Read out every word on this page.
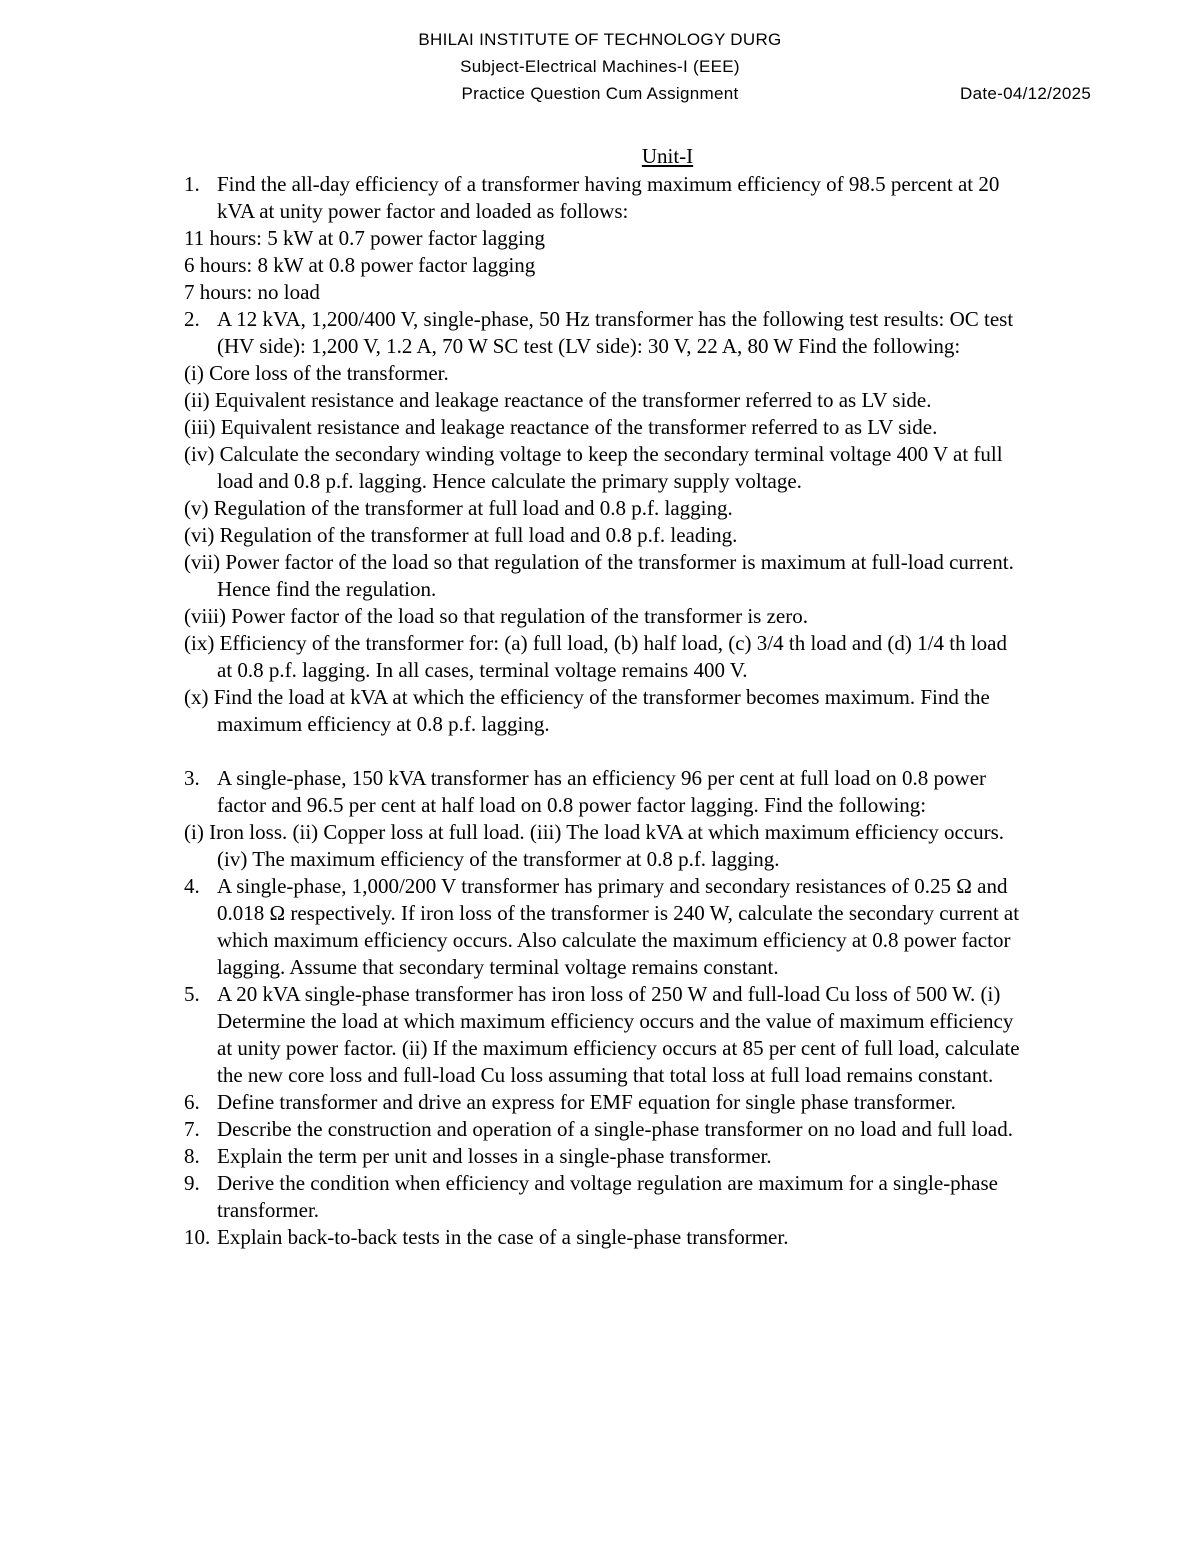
BHILAI INSTITUTE OF TECHNOLOGY DURG
Subject-Electrical Machines-I (EEE)
Practice Question Cum Assignment	Date-04/12/2025
Unit-I
1. Find the all-day efficiency of a transformer having maximum efficiency of 98.5 percent at 20
kVA at unity power factor and loaded as follows:
11 hours: 5 kW at 0.7 power factor lagging
6 hours: 8 kW at 0.8 power factor lagging
7 hours: no load
2. A 12 kVA, 1,200/400 V, single-phase, 50 Hz transformer has the following test results: OC test
(HV side): 1,200 V, 1.2 A, 70 W SC test (LV side): 30 V, 22 A, 80 W Find the following:
(i) Core loss of the transformer.
(ii) Equivalent resistance and leakage reactance of the transformer referred to as LV side.
(iii) Equivalent resistance and leakage reactance of the transformer referred to as LV side.
(iv) Calculate the secondary winding voltage to keep the secondary terminal voltage 400 V at full
load and 0.8 p.f. lagging. Hence calculate the primary supply voltage.
(v) Regulation of the transformer at full load and 0.8 p.f. lagging.
(vi) Regulation of the transformer at full load and 0.8 p.f. leading.
(vii) Power factor of the load so that regulation of the transformer is maximum at full-load current.
Hence find the regulation.
(viii) Power factor of the load so that regulation of the transformer is zero.
(ix) Efficiency of the transformer for: (a) full load, (b) half load, (c) 3/4 th load and (d) 1/4 th load
at 0.8 p.f. lagging. In all cases, terminal voltage remains 400 V.
(x) Find the load at kVA at which the efficiency of the transformer becomes maximum. Find the
maximum efficiency at 0.8 p.f. lagging.
3. A single-phase, 150 kVA transformer has an efficiency 96 per cent at full load on 0.8 power
factor and 96.5 per cent at half load on 0.8 power factor lagging. Find the following:
(i) Iron loss. (ii) Copper loss at full load. (iii) The load kVA at which maximum efficiency occurs.
(iv) The maximum efficiency of the transformer at 0.8 p.f. lagging.
4. A single-phase, 1,000/200 V transformer has primary and secondary resistances of 0.25 Ω and
0.018 Ω respectively. If iron loss of the transformer is 240 W, calculate the secondary current at
which maximum efficiency occurs. Also calculate the maximum efficiency at 0.8 power factor
lagging. Assume that secondary terminal voltage remains constant.
5. A 20 kVA single-phase transformer has iron loss of 250 W and full-load Cu loss of 500 W. (i)
Determine the load at which maximum efficiency occurs and the value of maximum efficiency
at unity power factor. (ii) If the maximum efficiency occurs at 85 per cent of full load, calculate
the new core loss and full-load Cu loss assuming that total loss at full load remains constant.
6. Define transformer and drive an express for EMF equation for single phase transformer.
7. Describe the construction and operation of a single-phase transformer on no load and full load.
8. Explain the term per unit and losses in a single-phase transformer.
9. Derive the condition when efficiency and voltage regulation are maximum for a single-phase
transformer.
10. Explain back-to-back tests in the case of a single-phase transformer.
